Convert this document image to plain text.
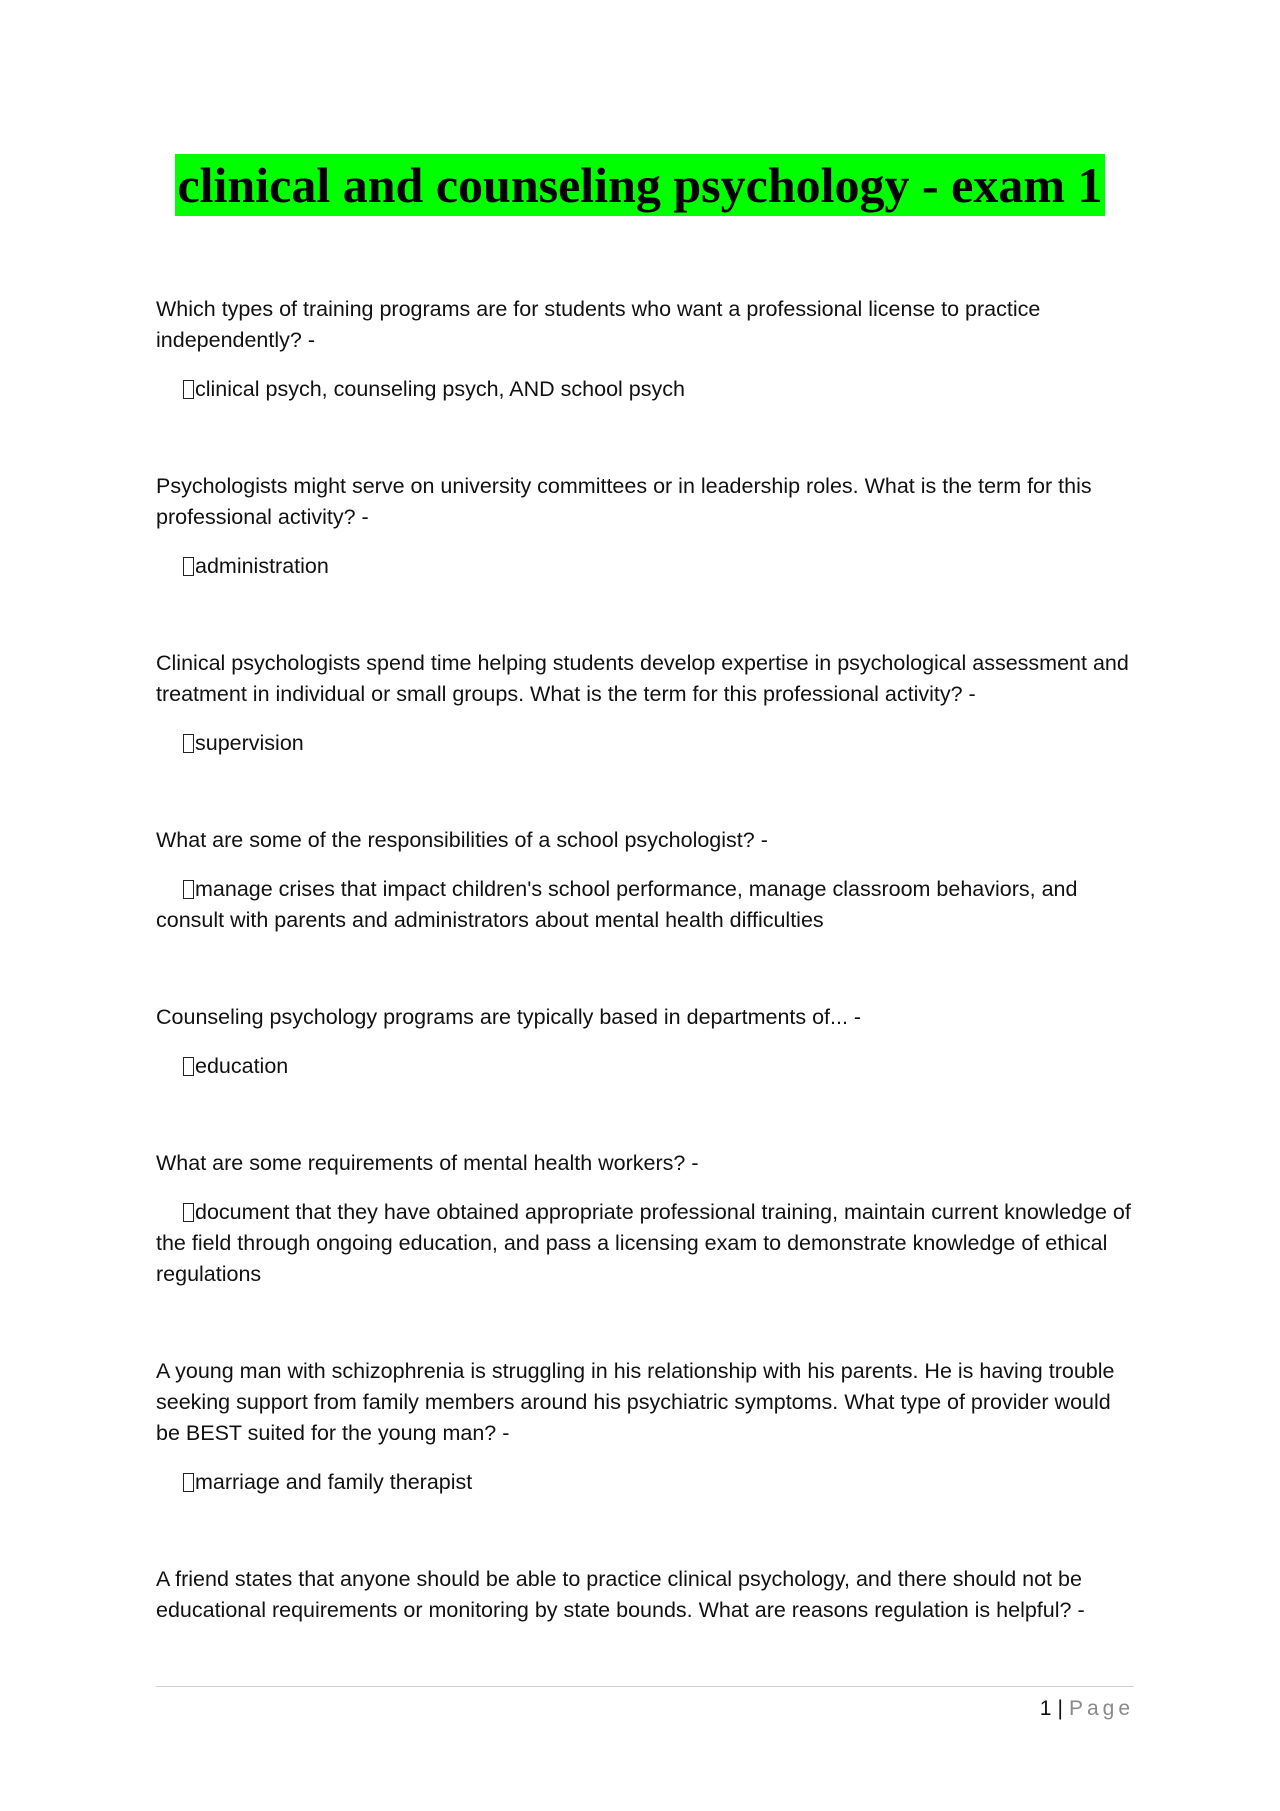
clinical and counseling psychology - exam 1

Which types of training programs are for students who want a professional license to practice independently? -

clinical psych, counseling psych, AND school psych

Psychologists might serve on university committees or in leadership roles. What is the term for this professional activity? -

administration

Clinical psychologists spend time helping students develop expertise in psychological assessment and treatment in individual or small groups. What is the term for this professional activity? -

supervision

What are some of the responsibilities of a school psychologist? -

manage crises that impact children's school performance, manage classroom behaviors, and consult with parents and administrators about mental health difficulties

Counseling psychology programs are typically based in departments of... -

education

What are some requirements of mental health workers? -

document that they have obtained appropriate professional training, maintain current knowledge of the field through ongoing education, and pass a licensing exam to demonstrate knowledge of ethical regulations

A young man with schizophrenia is struggling in his relationship with his parents. He is having trouble seeking support from family members around his psychiatric symptoms. What type of provider would be BEST suited for the young man? -

marriage and family therapist

A friend states that anyone should be able to practice clinical psychology, and there should not be educational requirements or monitoring by state bounds. What are reasons regulation is helpful? -

1 | Page
